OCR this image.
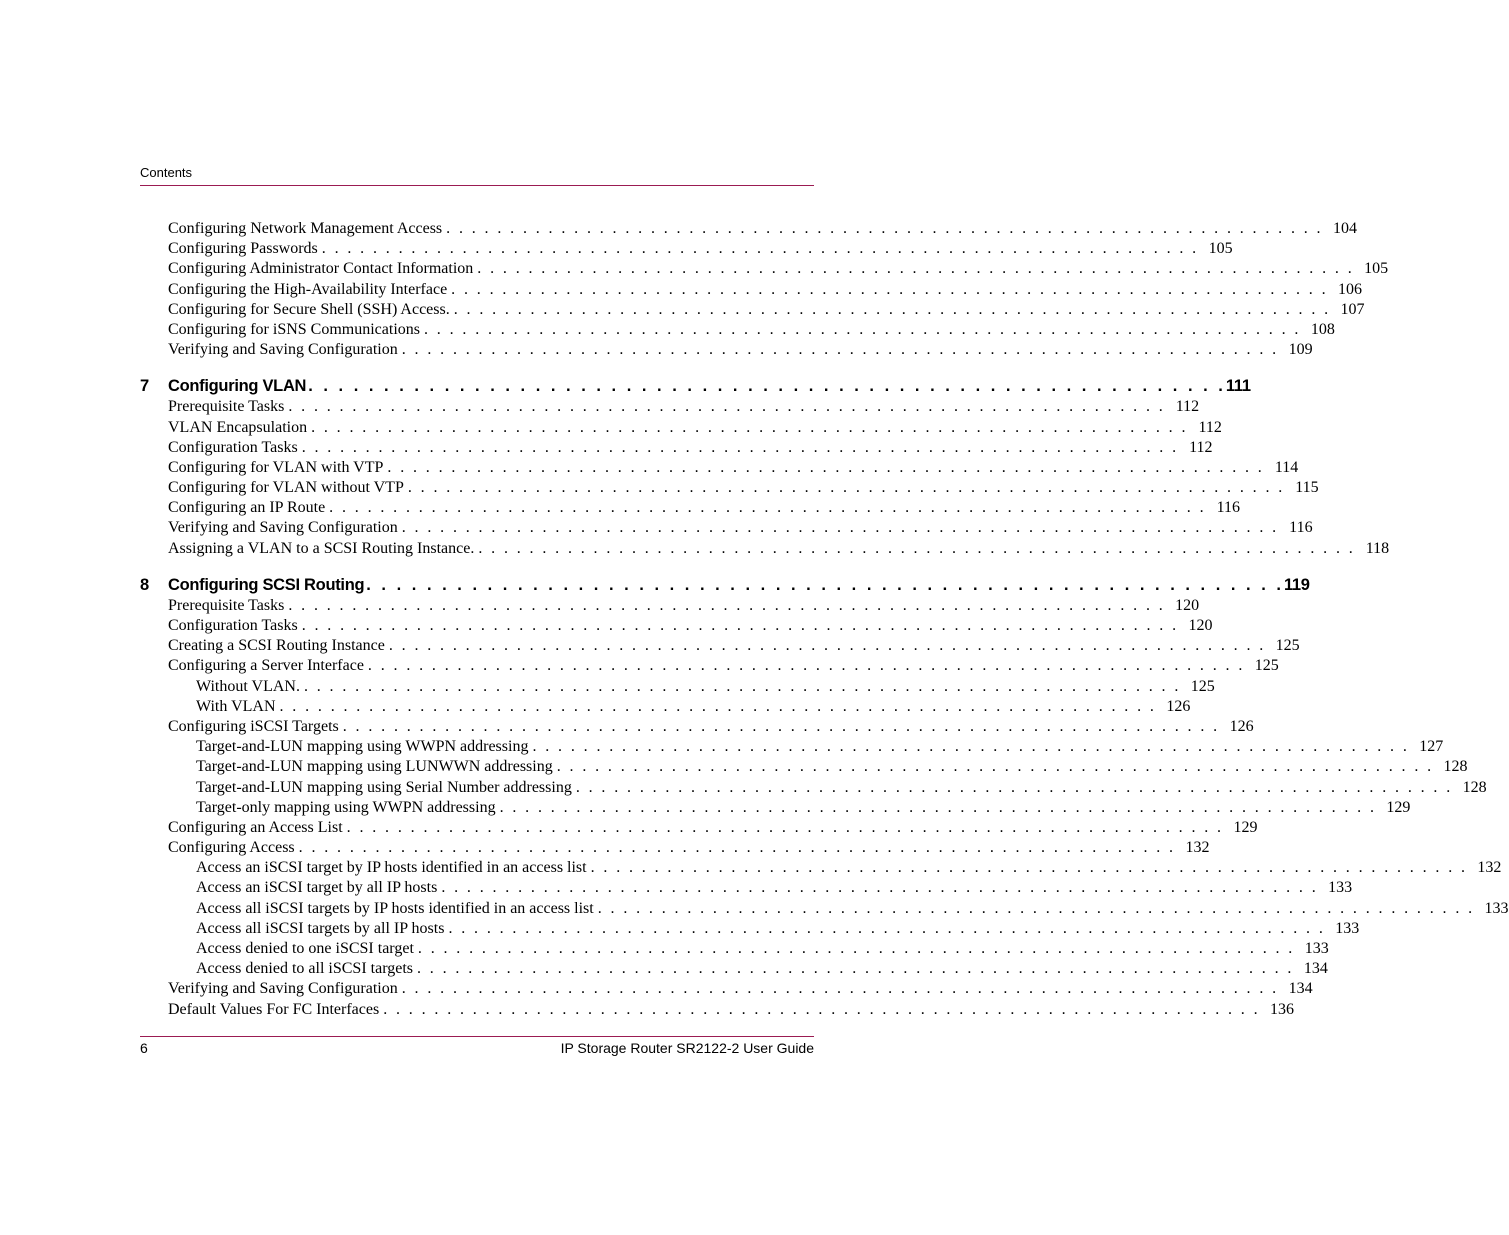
Contents
Configuring Network Management Access . . . . . . . . . . . . . . . . . . . . . . . . . . . . . . . . . . . . . . . . . . . . . . . . . . . . . . . . . . . . . . . . . . . . . 104
Configuring Passwords . . . . . . . . . . . . . . . . . . . . . . . . . . . . . . . . . . . . . . . . . . . . . . . . . . . . . . . . . . . . . . . . . . . . . 105
Configuring Administrator Contact Information . . . . . . . . . . . . . . . . . . . . . . . . . . . . . . . . . . . . . . . . . . . . . . . . . . . . . . . . . . . . . . . . . . . . . 105
Configuring the High-Availability Interface . . . . . . . . . . . . . . . . . . . . . . . . . . . . . . . . . . . . . . . . . . . . . . . . . . . . . . . . . . . . . . . . . . . . . 106
Configuring for Secure Shell (SSH) Access. . . . . . . . . . . . . . . . . . . . . . . . . . . . . . . . . . . . . . . . . . . . . . . . . . . . . . . . . . . . . . . . . . . . . . 107
Configuring for iSNS Communications . . . . . . . . . . . . . . . . . . . . . . . . . . . . . . . . . . . . . . . . . . . . . . . . . . . . . . . . . . . . . . . . . . . . . 108
Verifying and Saving Configuration . . . . . . . . . . . . . . . . . . . . . . . . . . . . . . . . . . . . . . . . . . . . . . . . . . . . . . . . . . . . . . . . . . . . . 109
7	Configuring VLAN . . . . . . . . . . . . . . . . . . . . . . . . . . . . . . . . . . . . . . . . . . . . . . . . . . . . . . . . . . . . . 111
Prerequisite Tasks . . . . . . . . . . . . . . . . . . . . . . . . . . . . . . . . . . . . . . . . . . . . . . . . . . . . . . . . . . . . . . . . . . . . . 112
VLAN Encapsulation . . . . . . . . . . . . . . . . . . . . . . . . . . . . . . . . . . . . . . . . . . . . . . . . . . . . . . . . . . . . . . . . . . . . . 112
Configuration Tasks . . . . . . . . . . . . . . . . . . . . . . . . . . . . . . . . . . . . . . . . . . . . . . . . . . . . . . . . . . . . . . . . . . . . . 112
Configuring for VLAN with VTP . . . . . . . . . . . . . . . . . . . . . . . . . . . . . . . . . . . . . . . . . . . . . . . . . . . . . . . . . . . . . . . . . . . . . 114
Configuring for VLAN without VTP . . . . . . . . . . . . . . . . . . . . . . . . . . . . . . . . . . . . . . . . . . . . . . . . . . . . . . . . . . . . . . . . . . . . . 115
Configuring an IP Route . . . . . . . . . . . . . . . . . . . . . . . . . . . . . . . . . . . . . . . . . . . . . . . . . . . . . . . . . . . . . . . . . . . . . 116
Verifying and Saving Configuration . . . . . . . . . . . . . . . . . . . . . . . . . . . . . . . . . . . . . . . . . . . . . . . . . . . . . . . . . . . . . . . . . . . . . 116
Assigning a VLAN to a SCSI Routing Instance. . . . . . . . . . . . . . . . . . . . . . . . . . . . . . . . . . . . . . . . . . . . . . . . . . . . . . . . . . . . . . . . . . . . . . 118
8	Configuring SCSI Routing . . . . . . . . . . . . . . . . . . . . . . . . . . . . . . . . . . . . . . . . . . . . . . . . . . . . . . . . . . . . . 119
Prerequisite Tasks . . . . . . . . . . . . . . . . . . . . . . . . . . . . . . . . . . . . . . . . . . . . . . . . . . . . . . . . . . . . . . . . . . . . . 120
Configuration Tasks . . . . . . . . . . . . . . . . . . . . . . . . . . . . . . . . . . . . . . . . . . . . . . . . . . . . . . . . . . . . . . . . . . . . . 120
Creating a SCSI Routing Instance . . . . . . . . . . . . . . . . . . . . . . . . . . . . . . . . . . . . . . . . . . . . . . . . . . . . . . . . . . . . . . . . . . . . . 125
Configuring a Server Interface . . . . . . . . . . . . . . . . . . . . . . . . . . . . . . . . . . . . . . . . . . . . . . . . . . . . . . . . . . . . . . . . . . . . . 125
Without VLAN. . . . . . . . . . . . . . . . . . . . . . . . . . . . . . . . . . . . . . . . . . . . . . . . . . . . . . . . . . . . . . . . . . . . . . 125
With VLAN . . . . . . . . . . . . . . . . . . . . . . . . . . . . . . . . . . . . . . . . . . . . . . . . . . . . . . . . . . . . . . . . . . . . . 126
Configuring iSCSI Targets . . . . . . . . . . . . . . . . . . . . . . . . . . . . . . . . . . . . . . . . . . . . . . . . . . . . . . . . . . . . . . . . . . . . . 126
Target-and-LUN mapping using WWPN addressing . . . . . . . . . . . . . . . . . . . . . . . . . . . . . . . . . . . . . . . . . . . . . . . . . . . . . . . . . . . . . . . . . . . . . 127
Target-and-LUN mapping using LUNWWN addressing . . . . . . . . . . . . . . . . . . . . . . . . . . . . . . . . . . . . . . . . . . . . . . . . . . . . . . . . . . . . . . . . . . . . . 128
Target-and-LUN mapping using Serial Number addressing . . . . . . . . . . . . . . . . . . . . . . . . . . . . . . . . . . . . . . . . . . . . . . . . . . . . . . . . . . . . . . . . . . . . . 128
Target-only mapping using WWPN addressing . . . . . . . . . . . . . . . . . . . . . . . . . . . . . . . . . . . . . . . . . . . . . . . . . . . . . . . . . . . . . . . . . . . . . 129
Configuring an Access List . . . . . . . . . . . . . . . . . . . . . . . . . . . . . . . . . . . . . . . . . . . . . . . . . . . . . . . . . . . . . . . . . . . . . 129
Configuring Access . . . . . . . . . . . . . . . . . . . . . . . . . . . . . . . . . . . . . . . . . . . . . . . . . . . . . . . . . . . . . . . . . . . . . 132
Access an iSCSI target by IP hosts identified in an access list . . . . . . . . . . . . . . . . . . . . . . . . . . . . . . . . . . . . . . . . . . . . . . . . . . . . . . . . . . . . . . . . . . . . . 132
Access an iSCSI target by all IP hosts . . . . . . . . . . . . . . . . . . . . . . . . . . . . . . . . . . . . . . . . . . . . . . . . . . . . . . . . . . . . . . . . . . . . . 133
Access all iSCSI targets by IP hosts identified in an access list . . . . . . . . . . . . . . . . . . . . . . . . . . . . . . . . . . . . . . . . . . . . . . . . . . . . . . . . . . . . . . . . . . . . . 133
Access all iSCSI targets by all IP hosts . . . . . . . . . . . . . . . . . . . . . . . . . . . . . . . . . . . . . . . . . . . . . . . . . . . . . . . . . . . . . . . . . . . . . 133
Access denied to one iSCSI target . . . . . . . . . . . . . . . . . . . . . . . . . . . . . . . . . . . . . . . . . . . . . . . . . . . . . . . . . . . . . . . . . . . . . 133
Access denied to all iSCSI targets . . . . . . . . . . . . . . . . . . . . . . . . . . . . . . . . . . . . . . . . . . . . . . . . . . . . . . . . . . . . . . . . . . . . . 134
Verifying and Saving Configuration . . . . . . . . . . . . . . . . . . . . . . . . . . . . . . . . . . . . . . . . . . . . . . . . . . . . . . . . . . . . . . . . . . . . . 134
Default Values For FC Interfaces . . . . . . . . . . . . . . . . . . . . . . . . . . . . . . . . . . . . . . . . . . . . . . . . . . . . . . . . . . . . . . . . . . . . . 136
6	IP Storage Router SR2122-2 User Guide
